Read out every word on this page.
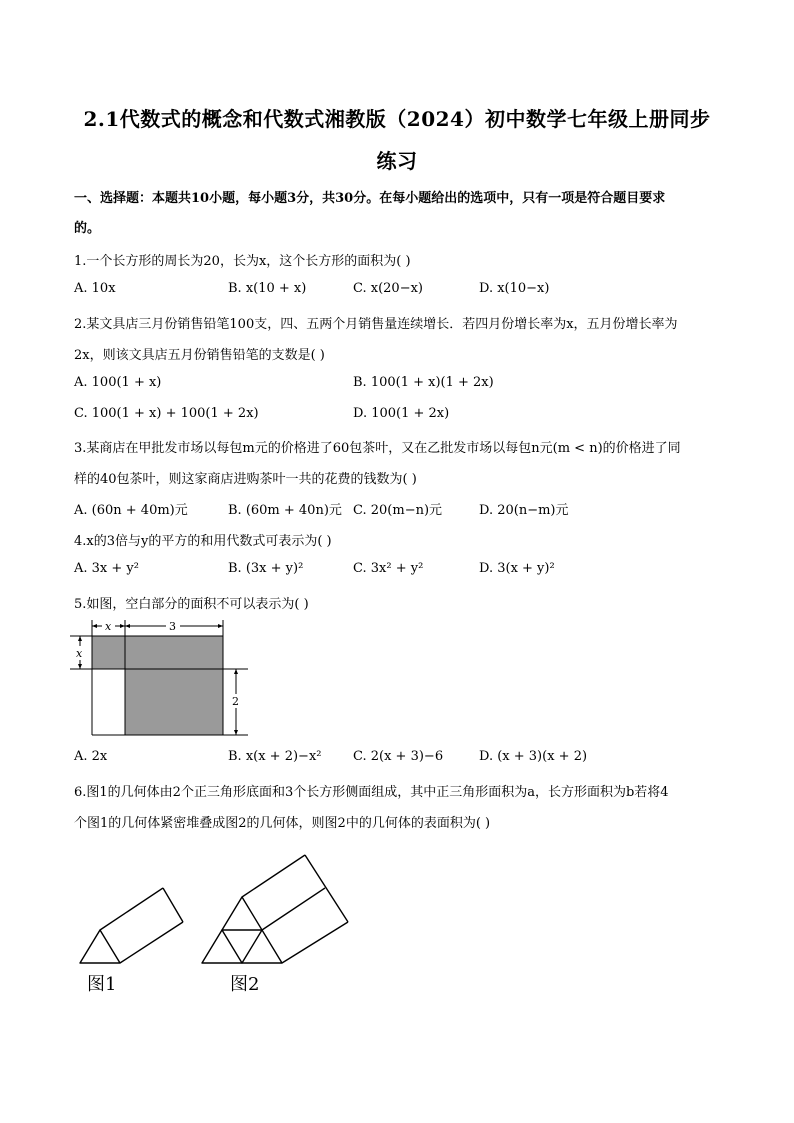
2.1代数式的概念和代数式湘教版（2024）初中数学七年级上册同步
练习
一、选择题：本题共10小题，每小题3分，共30分。在每小题给出的选项中，只有一项是符合题目要求
的。
1.一个长方形的周长为20，长为x，这个长方形的面积为( )
A. 10x	B. x(10 + x)	C. x(20−x)	D. x(10−x)
2.某文具店三月份销售铅笔100支，四、五两个月销售量连续增长．若四月份增长率为x，五月份增长率为
2x，则该文具店五月份销售铅笔的支数是( )
A. 100(1 + x)	B. 100(1 + x)(1 + 2x)
C. 100(1 + x) + 100(1 + 2x)	D. 100(1 + 2x)
3.某商店在甲批发市场以每包m元的价格进了60包茶叶，又在乙批发市场以每包n元(m < n)的价格进了同
样的40包茶叶，则这家商店进购茶叶一共的花费的钱数为( )
A. (60n + 40m)元	B. (60m + 40n)元 C. 20(m−n)元	D. 20(n−m)元
4.x的3倍与y的平方的和用代数式可表示为( )
A. 3x + y²	B. (3x + y)²	C. 3x² + y²	D. 3(x + y)²
5.如图，空白部分的面积不可以表示为( )
x	3
x
2
A. 2x	B. x(x + 2)−x² C. 2(x + 3)−6	D. (x + 3)(x + 2)
6.图1的几何体由2个正三角形底面和3个长方形侧面组成，其中正三角形面积为a，长方形面积为b若将4
个图1的几何体紧密堆叠成图2的几何体，则图2中的几何体的表面积为( )
图1	图2
